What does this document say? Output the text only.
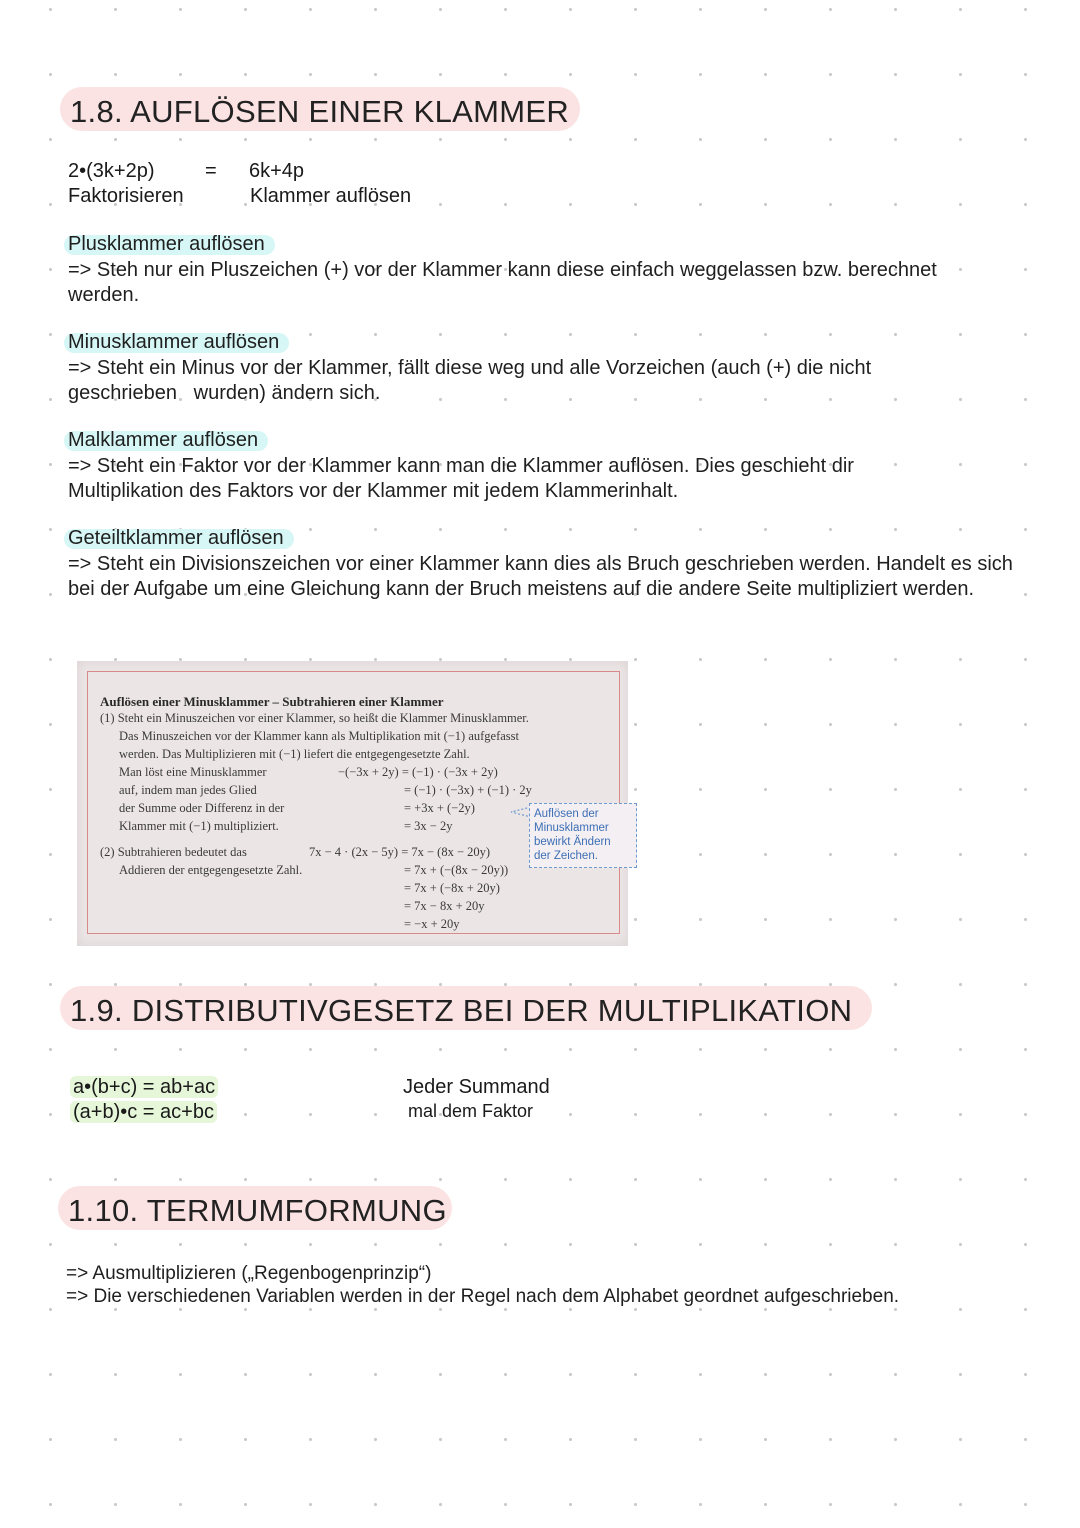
1.8. AUFLÖSEN EINER KLAMMER
2•(3k+2p)	= 6k+4p
Faktorisieren	Klammer auflösen
Plusklammer auflösen
=> Steh nur ein Pluszeichen (+) vor der Klammer kann diese einfach weggelassen bzw. berechnet werden.
Minusklammer auflösen
=> Steht ein Minus vor der Klammer, fällt diese weg und alle Vorzeichen (auch (+) die nicht geschrieben   wurden) ändern sich.
Malklammer auflösen
=> Steht ein Faktor vor der Klammer kann man die Klammer auflösen. Dies geschieht dir Multiplikation des Faktors vor der Klammer mit jedem Klammerinhalt.
Geteiltklammer auflösen
=> Steht ein Divisionszeichen vor einer Klammer kann dies als Bruch geschrieben werden. Handelt es sich bei der Aufgabe um eine Gleichung kann der Bruch meistens auf die andere Seite multipliziert werden.
Auflösen einer Minusklammer – Subtrahieren einer Klammer
(1) Steht ein Minuszeichen vor einer Klammer, so heißt die Klammer Minusklammer.
Das Minuszeichen vor der Klammer kann als Multiplikation mit (−1) aufgefasst
werden. Das Multiplizieren mit (−1) liefert die entgegengesetzte Zahl.
Man löst eine Minusklammer
auf, indem man jedes Glied
der Summe oder Differenz in der
Klammer mit (−1) multipliziert.
−(−3x + 2y) = (−1) · (−3x + 2y)
= (−1) · (−3x) + (−1) · 2y
= +3x + (−2y)
= 3x − 2y
Auflösen der
Minusklammer
bewirkt Ändern
der Zeichen.
(2) Subtrahieren bedeutet das
Addieren der entgegengesetzte Zahl.
7x − 4 · (2x − 5y) = 7x − (8x − 20y)
= 7x + (−(8x − 20y))
= 7x + (−8x + 20y)
= 7x − 8x + 20y
= −x + 20y
1.9. DISTRIBUTIVGESETZ BEI DER MULTIPLIKATION
a•(b+c) = ab+ac
(a+b)•c = ac+bc
Jeder Summand
mal dem Faktor
1.10. TERMUMFORMUNG
=> Ausmultiplizieren („Regenbogenprinzip“)
=> Die verschiedenen Variablen werden in der Regel nach dem Alphabet geordnet aufgeschrieben.
